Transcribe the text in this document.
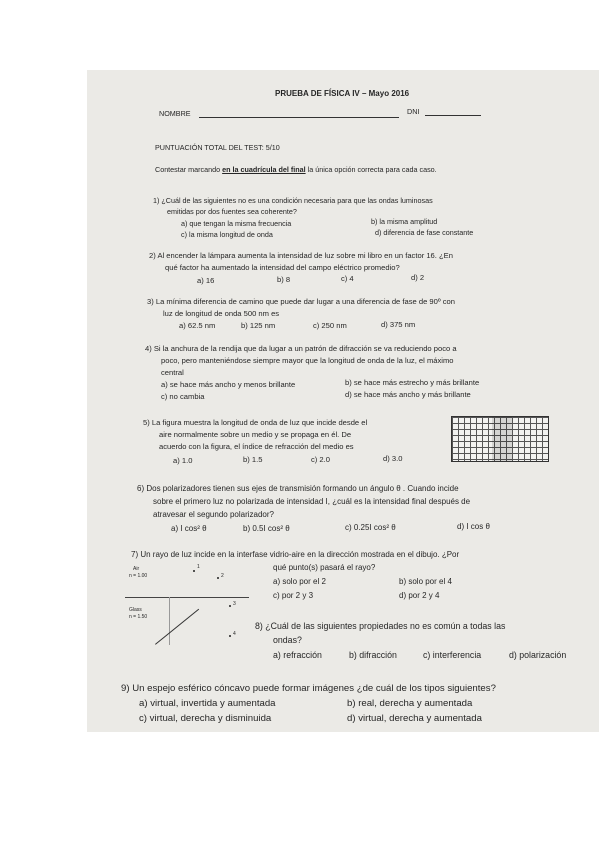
PRUEBA DE FÍSICA IV – Mayo 2016
NOMBRE	DNI
PUNTUACIÓN TOTAL DEL TEST: 5/10
Contestar marcando en la cuadrícula del final la única opción correcta para cada caso.
1) ¿Cuál de las siguientes no es una condición necesaria para que las ondas luminosas
emitidas por dos fuentes sea coherente?
a) que tengan la misma frecuencia	b) la misma amplitud
c) la misma longitud de onda	d) diferencia de fase constante
2) Al encender la lámpara aumenta la intensidad de luz sobre mi libro en un factor 16. ¿En
qué factor ha aumentado la intensidad del campo eléctrico promedio?
a) 16	b) 8	c) 4	d) 2
3) La mínima diferencia de camino que puede dar lugar a una diferencia de fase de 90º con
luz de longitud de onda 500 nm es
a) 62.5 nm	b) 125 nm	c) 250 nm	d) 375 nm
4) Si la anchura de la rendija que da lugar a un patrón de difracción se va reduciendo poco a
poco, pero manteniéndose siempre mayor que la longitud de onda de la luz, el máximo
central
a) se hace más ancho y menos brillante	b) se hace más estrecho y más brillante
c) no cambia	d) se hace más ancho y más brillante
5) La figura muestra la longitud de onda de luz que incide desde el
aire normalmente sobre un medio y se propaga en él. De
acuerdo con la figura, el índice de refracción del medio es
a) 1.0	b) 1.5	c) 2.0	d) 3.0
6) Dos polarizadores tienen sus ejes de transmisión formando un ángulo θ . Cuando incide
sobre el primero luz no polarizada de intensidad I, ¿cuál es la intensidad final después de
atravesar el segundo polarizador?
a) I cos² θ	b) 0.5I cos² θ	c) 0.25I cos² θ	d) I cos θ
7) Un rayo de luz incide en la interfase vidrio-aire en la dirección mostrada en el dibujo. ¿Por
qué punto(s) pasará el rayo?
a) solo por el 2	b) solo por el 4
c) por 2 y 3	d) por 2 y 4
Air
n = 1.00
Glass
n = 1.50
1
2
3
4
8) ¿Cuál de las siguientes propiedades no es común a todas las
ondas?
a) refracción	b) difracción	c) interferencia	d) polarización
9) Un espejo esférico cóncavo puede formar imágenes ¿de cuál de los tipos siguientes?
a) virtual, invertida y aumentada	b) real, derecha y aumentada
c) virtual, derecha y disminuida	d) virtual, derecha y aumentada
